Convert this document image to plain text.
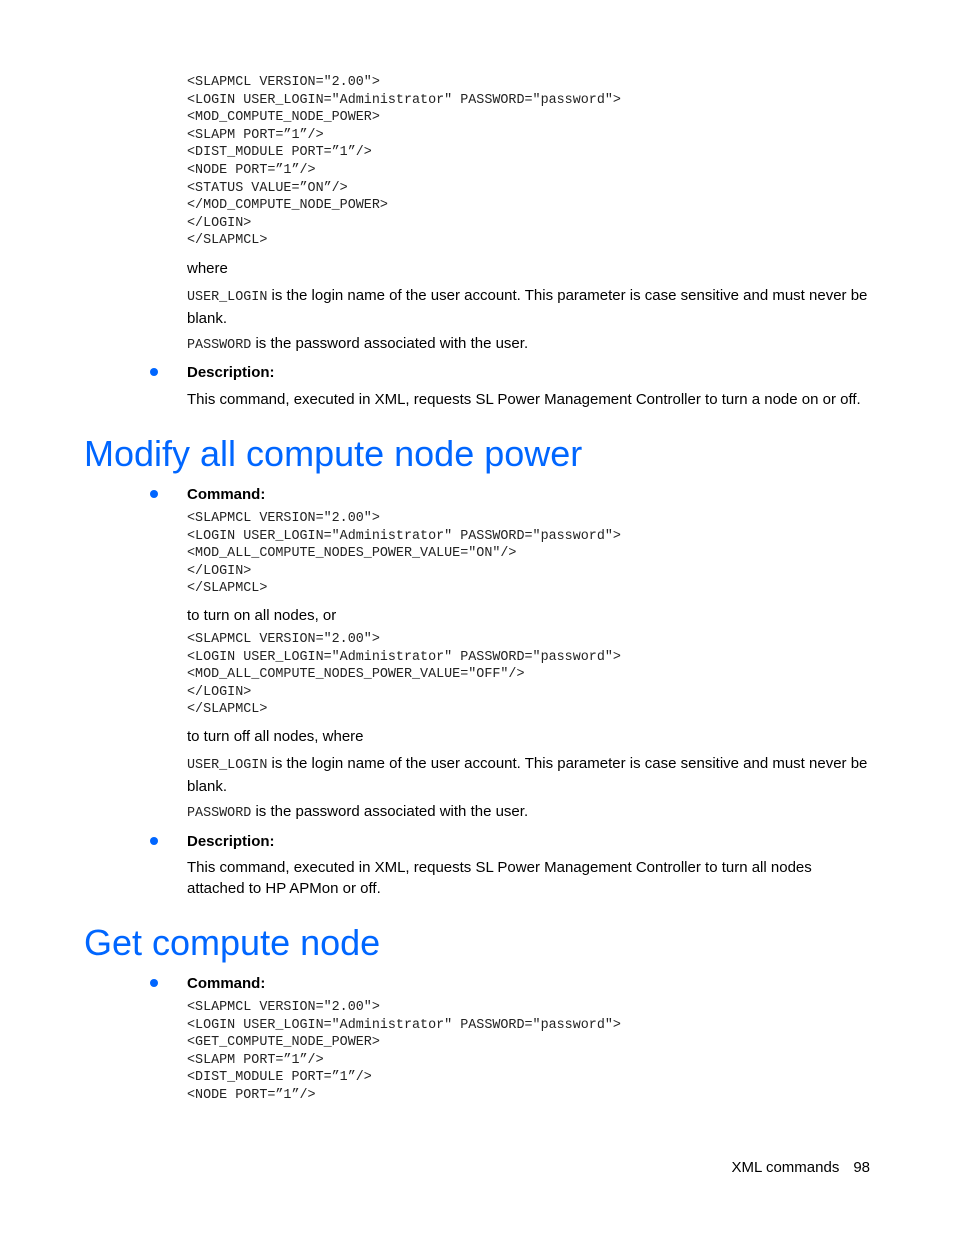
<SLAPMCL VERSION="2.00">
<LOGIN USER_LOGIN="Administrator" PASSWORD="password">
<MOD_COMPUTE_NODE_POWER>
<SLAPM PORT=”1”/>
<DIST_MODULE PORT=”1”/>
<NODE PORT=”1”/>
<STATUS VALUE=”ON”/>
</MOD_COMPUTE_NODE_POWER>
</LOGIN>
</SLAPMCL>

where

USER_LOGIN is the login name of the user account. This parameter is case sensitive and must never be blank.

PASSWORD is the password associated with the user.

Description:

This command, executed in XML, requests SL Power Management Controller to turn a node on or off.

Modify all compute node power

Command:

<SLAPMCL VERSION="2.00">
<LOGIN USER_LOGIN="Administrator" PASSWORD="password">
<MOD_ALL_COMPUTE_NODES_POWER_VALUE="ON"/>
</LOGIN>
</SLAPMCL>

to turn on all nodes, or

<SLAPMCL VERSION="2.00">
<LOGIN USER_LOGIN="Administrator" PASSWORD="password">
<MOD_ALL_COMPUTE_NODES_POWER_VALUE="OFF"/>
</LOGIN>
</SLAPMCL>

to turn off all nodes, where

USER_LOGIN is the login name of the user account. This parameter is case sensitive and must never be blank.

PASSWORD is the password associated with the user.

Description:

This command, executed in XML, requests SL Power Management Controller to turn all nodes attached to HP APMon or off.

Get compute node

Command:

<SLAPMCL VERSION="2.00">
<LOGIN USER_LOGIN="Administrator" PASSWORD="password">
<GET_COMPUTE_NODE_POWER>
<SLAPM PORT=”1”/>
<DIST_MODULE PORT=”1”/>
<NODE PORT=”1”/>

XML commands 98
